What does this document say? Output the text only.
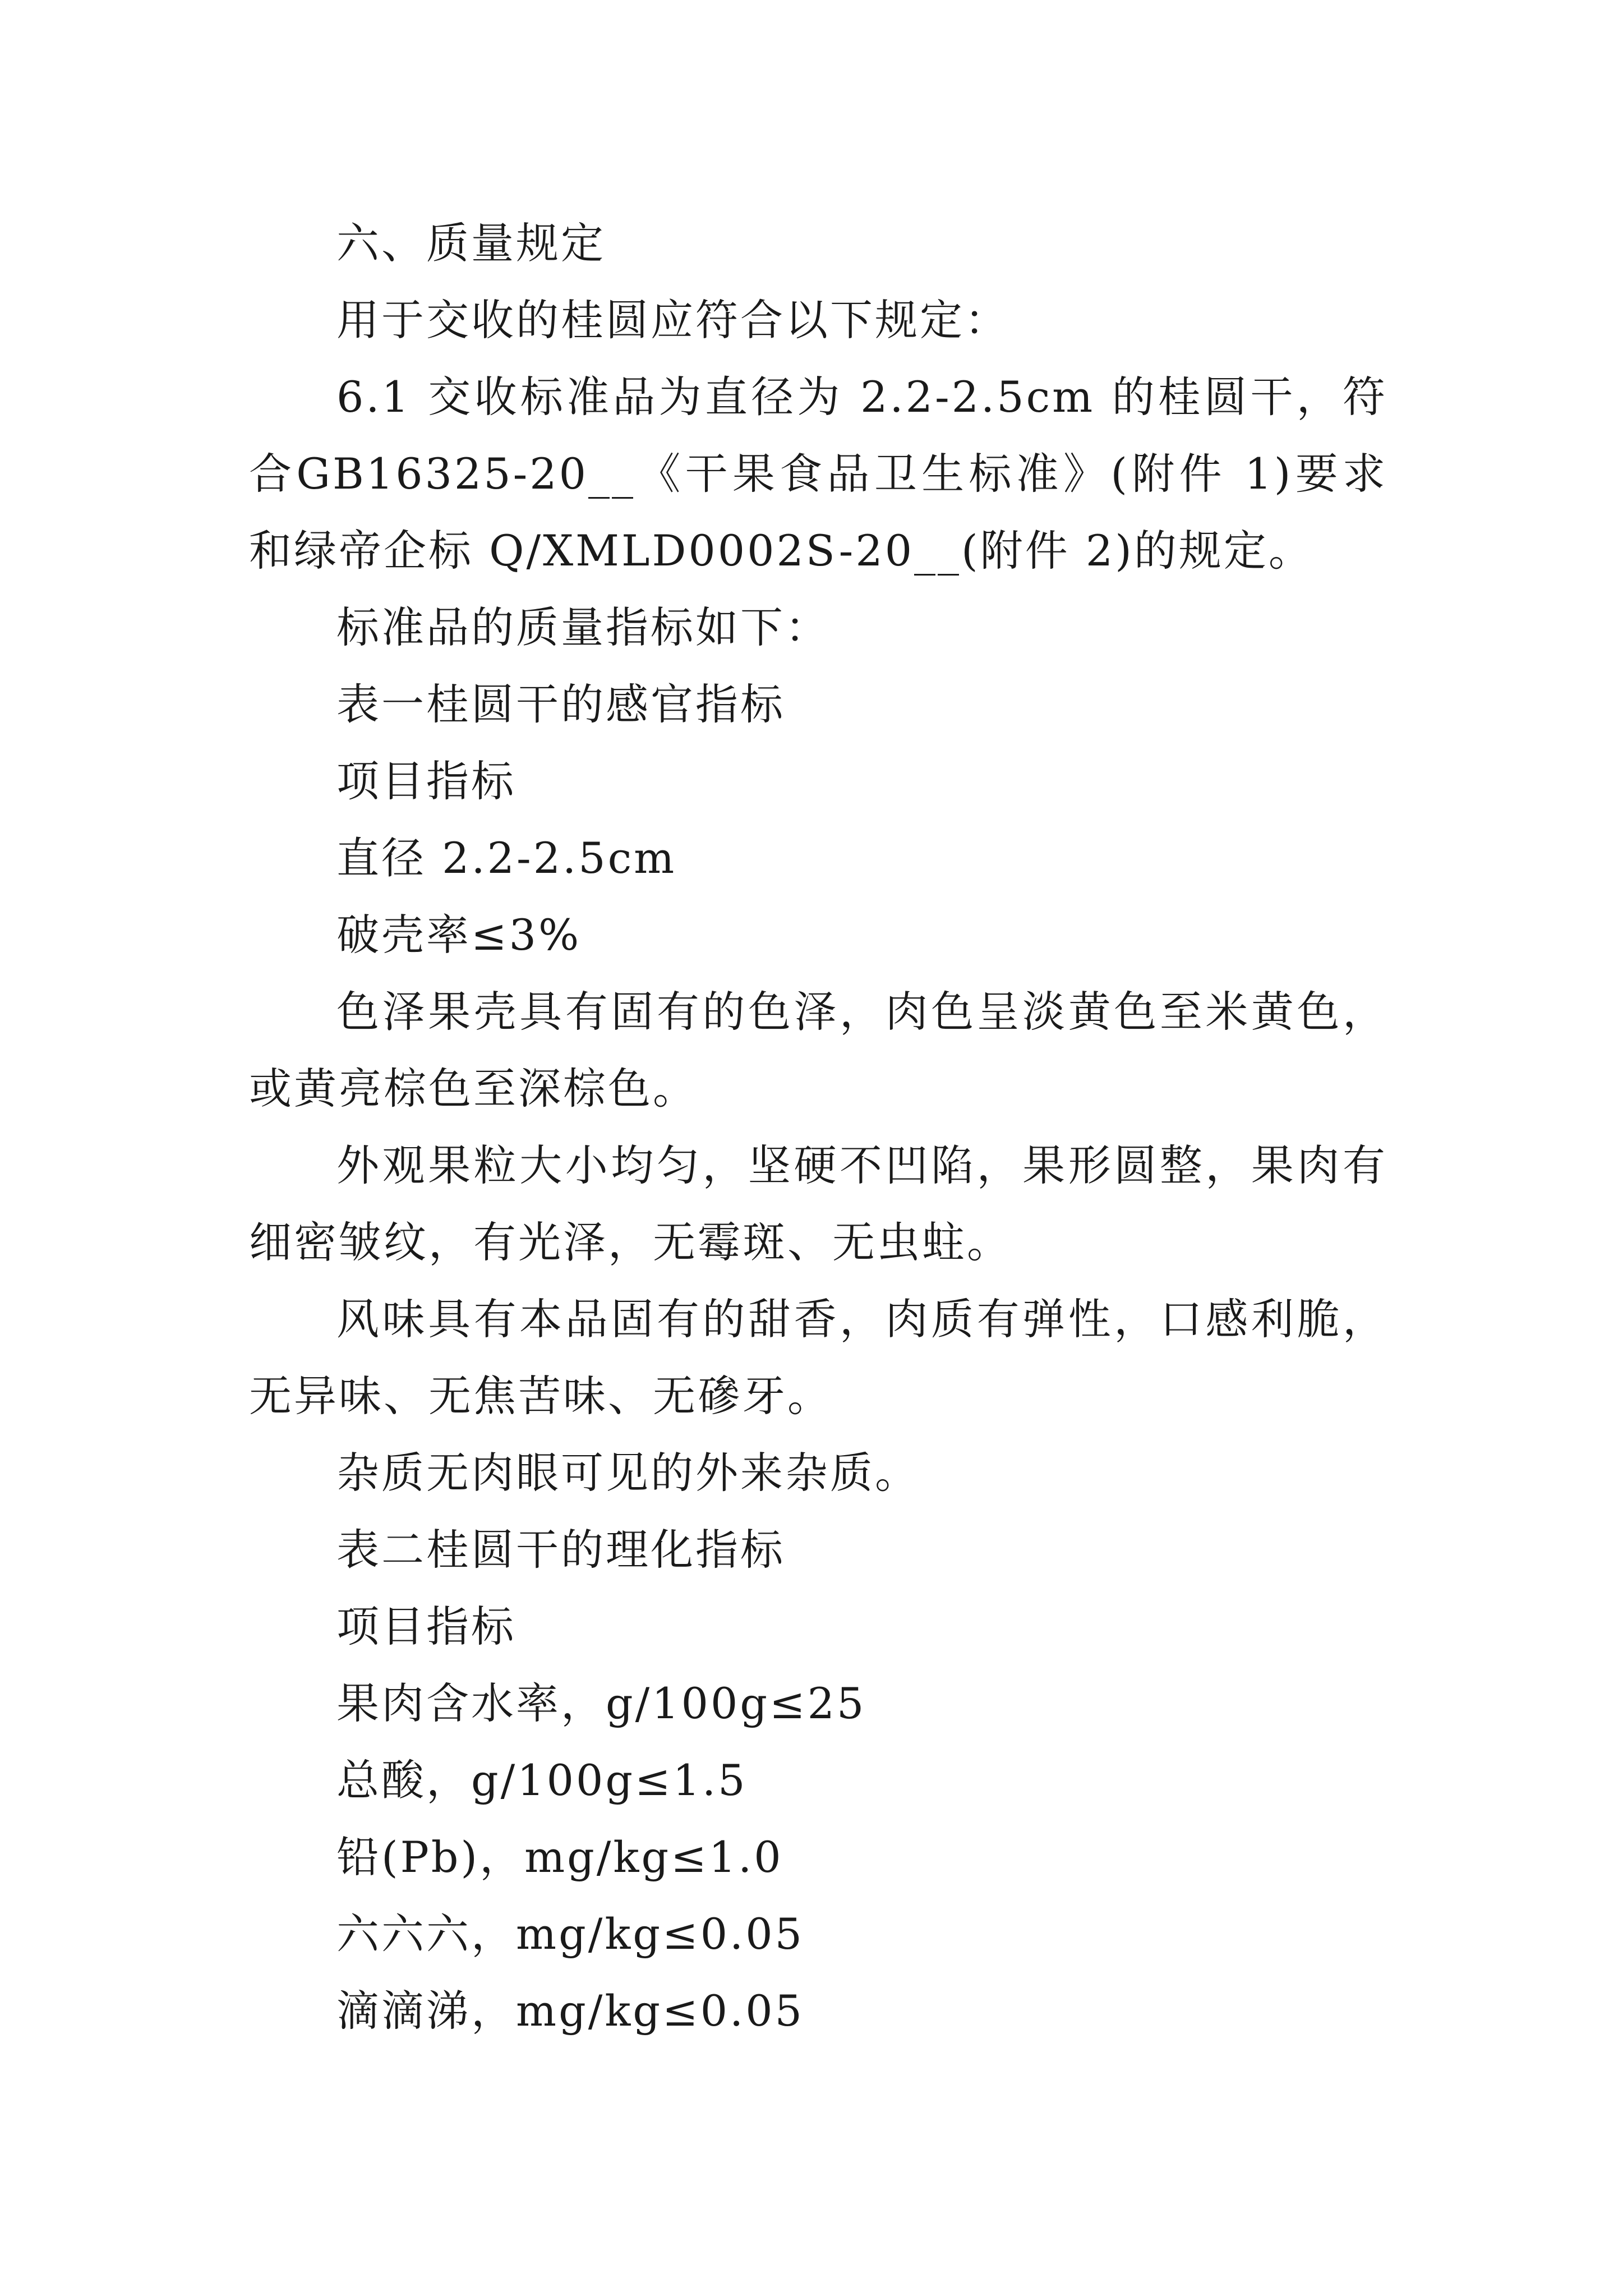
六、质量规定

用于交收的桂圆应符合以下规定：

6.1 交收标准品为直径为 2.2-2.5cm 的桂圆干，符合GB16325-20__《干果食品卫生标准》(附件 1)要求和绿帝企标 Q/XMLD0002S-20__(附件 2)的规定。

标准品的质量指标如下：

表一桂圆干的感官指标

项目指标

直径 2.2-2.5cm

破壳率≤3%

色泽果壳具有固有的色泽，肉色呈淡黄色至米黄色，或黄亮棕色至深棕色。

外观果粒大小均匀，坚硬不凹陷，果形圆整，果肉有细密皱纹，有光泽，无霉斑、无虫蛀。

风味具有本品固有的甜香，肉质有弹性，口感利脆，无异味、无焦苦味、无磣牙。

杂质无肉眼可见的外来杂质。

表二桂圆干的理化指标

项目指标

果肉含水率，g/100g≤25

总酸，g/100g≤1.5

铅(Pb)，mg/kg≤1.0

六六六，mg/kg≤0.05

滴滴涕，mg/kg≤0.05
